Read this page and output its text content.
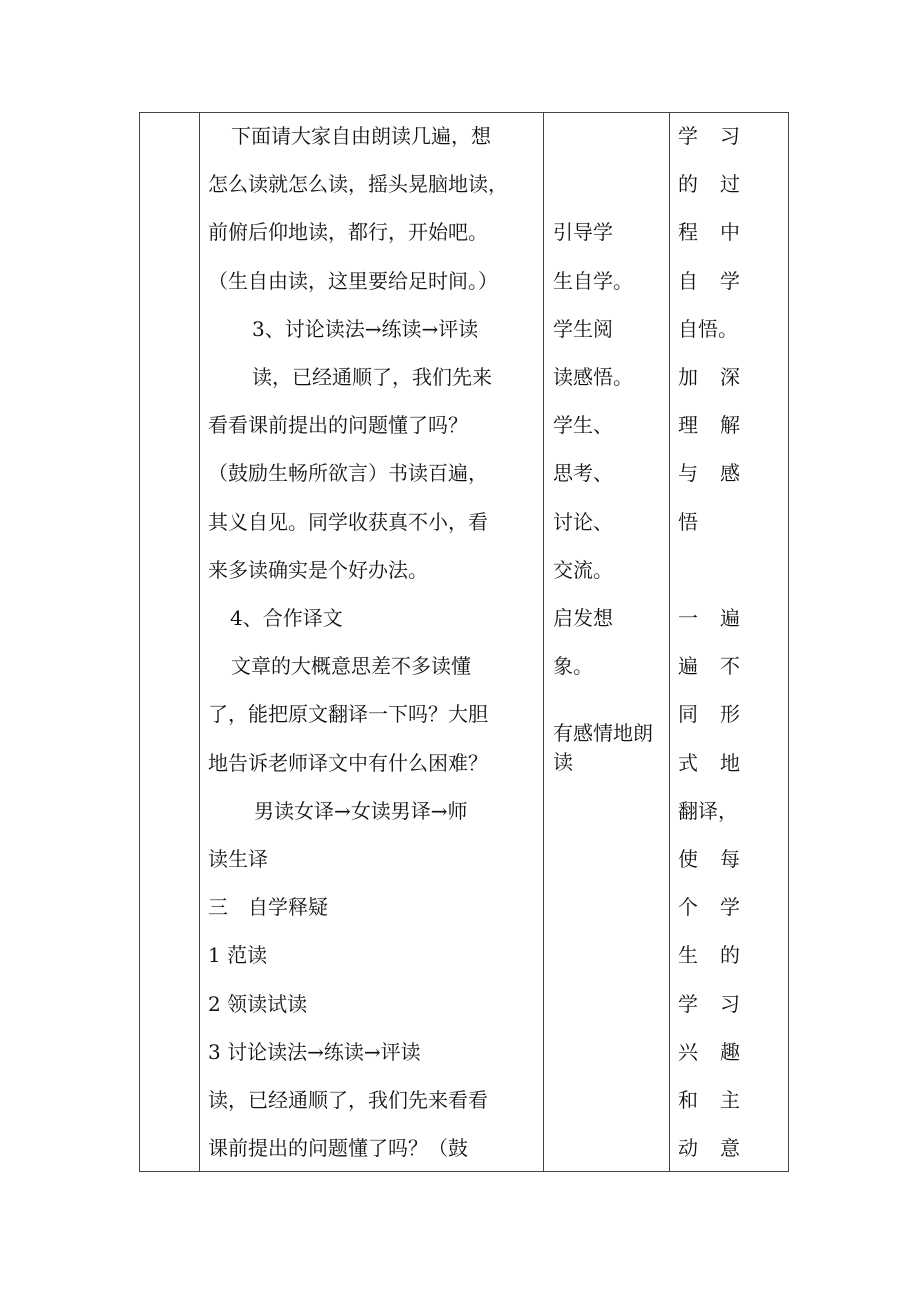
下面请大家自由朗读几遍，想
怎么读就怎么读，摇头晃脑地读，
前俯后仰地读，都行，开始吧。
（生自由读，这里要给足时间。）
3、讨论读法→练读→评读
读，已经通顺了，我们先来
看看课前提出的问题懂了吗？
（鼓励生畅所欲言）书读百遍，
其义自见。同学收获真不小，看
来多读确实是个好办法。
4、合作译文
文章的大概意思差不多读懂
了，能把原文翻译一下吗？大胆
地告诉老师译文中有什么困难？
男读女译→女读男译→师
读生译
三　自学释疑
1 范读
2 领读试读
3 讨论读法→练读→评读
读，已经通顺了，我们先来看看
课前提出的问题懂了吗？（鼓
引导学
生自学。
学生阅
读感悟。
学生、
思考、
讨论、
交流。
启发想
象。
有感情地朗
读
学 习
的 过
程 中
自 学
自悟。
加 深
理 解
与 感
悟
一 遍
遍 不
同 形
式 地
翻译，
使 每
个 学
生 的
学 习
兴 趣
和 主
动 意
